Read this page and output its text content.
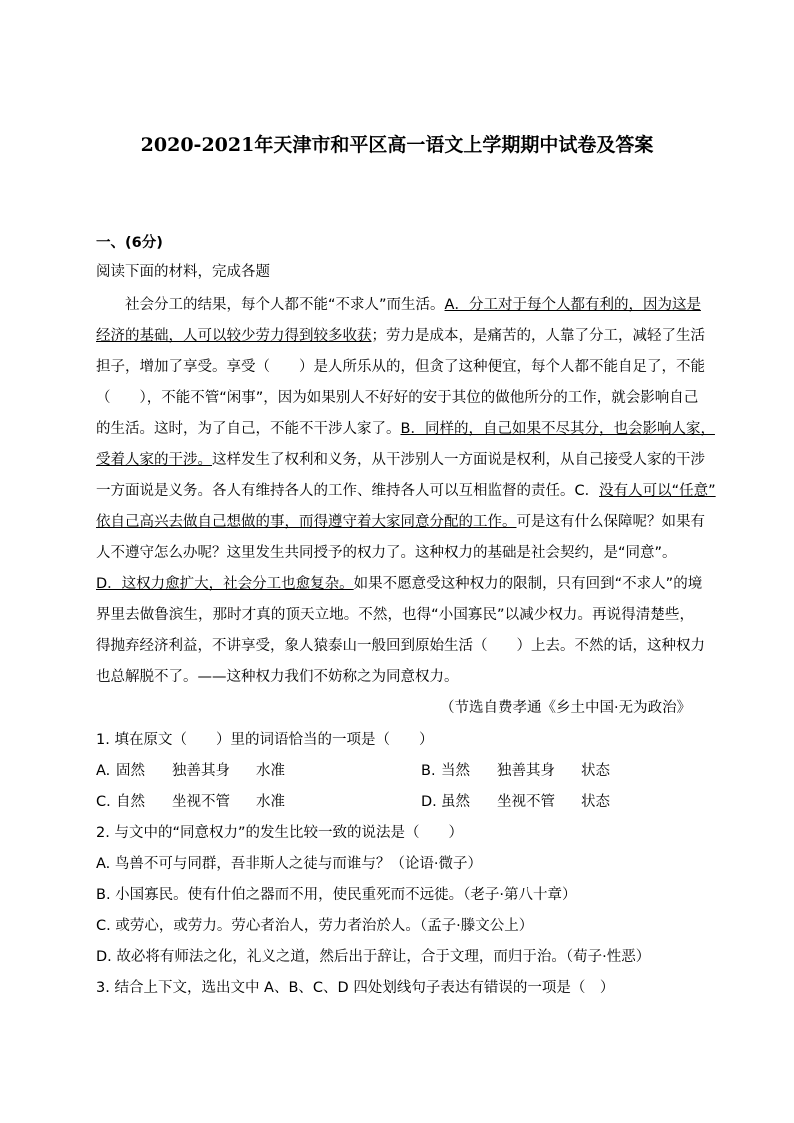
2020-2021年天津市和平区高一语文上学期期中试卷及答案
一、(6分)
阅读下面的材料，完成各题
　　社会分工的结果，每个人都不能“不求人”而生活。A．分工对于每个人都有利的，因为这是
经济的基础，人可以较少劳力得到较多收获；劳力是成本，是痛苦的，人靠了分工，减轻了生活
担子，增加了享受。享受（　　）是人所乐从的，但贪了这种便宜，每个人都不能自足了，不能
（　　），不能不管“闲事”，因为如果别人不好好的安于其位的做他所分的工作，就会影响自己
的生活。这时，为了自己，不能不干涉人家了。B．同样的，自己如果不尽其分，也会影响人家，
受着人家的干涉。这样发生了权利和义务，从干涉别人一方面说是权利，从自己接受人家的干涉
一方面说是义务。各人有维持各人的工作、维持各人可以互相监督的责任。C．没有人可以“任意”
依自己高兴去做自己想做的事，而得遵守着大家同意分配的工作。可是这有什么保障呢？如果有
人不遵守怎么办呢？这里发生共同授予的权力了。这种权力的基础是社会契约，是“同意”。
D．这权力愈扩大，社会分工也愈复杂。如果不愿意受这种权力的限制，只有回到“不求人”的境
界里去做鲁滨生，那时才真的顶天立地。不然，也得“小国寡民”以减少权力。再说得清楚些，
得抛弃经济利益，不讲享受，象人猿泰山一般回到原始生活（　　）上去。不然的话，这种权力
也总解脱不了。——这种权力我们不妨称之为同意权力。
（节选自费孝通《乡土中国·无为政治》
1. 填在原文（　　）里的词语恰当的一项是（　　）
A. 固然 独善其身 水准	B. 当然 独善其身 状态
C. 自然 坐视不管 水准	D. 虽然 坐视不管 状态
2. 与文中的“同意权力”的发生比较一致的说法是（　　）
A. 鸟兽不可与同群，吾非斯人之徒与而谁与？（论语·微子）
B. 小国寡民。使有什伯之器而不用，使民重死而不远徙。（老子·第八十章）
C. 或劳心，或劳力。劳心者治人，劳力者治於人。（孟子·滕文公上）
D. 故必将有师法之化，礼义之道，然后出于辞让，合于文理，而归于治。（荀子·性恶）
3. 结合上下文，选出文中 A、B、C、D 四处划线句子表达有错误的一项是（　）
